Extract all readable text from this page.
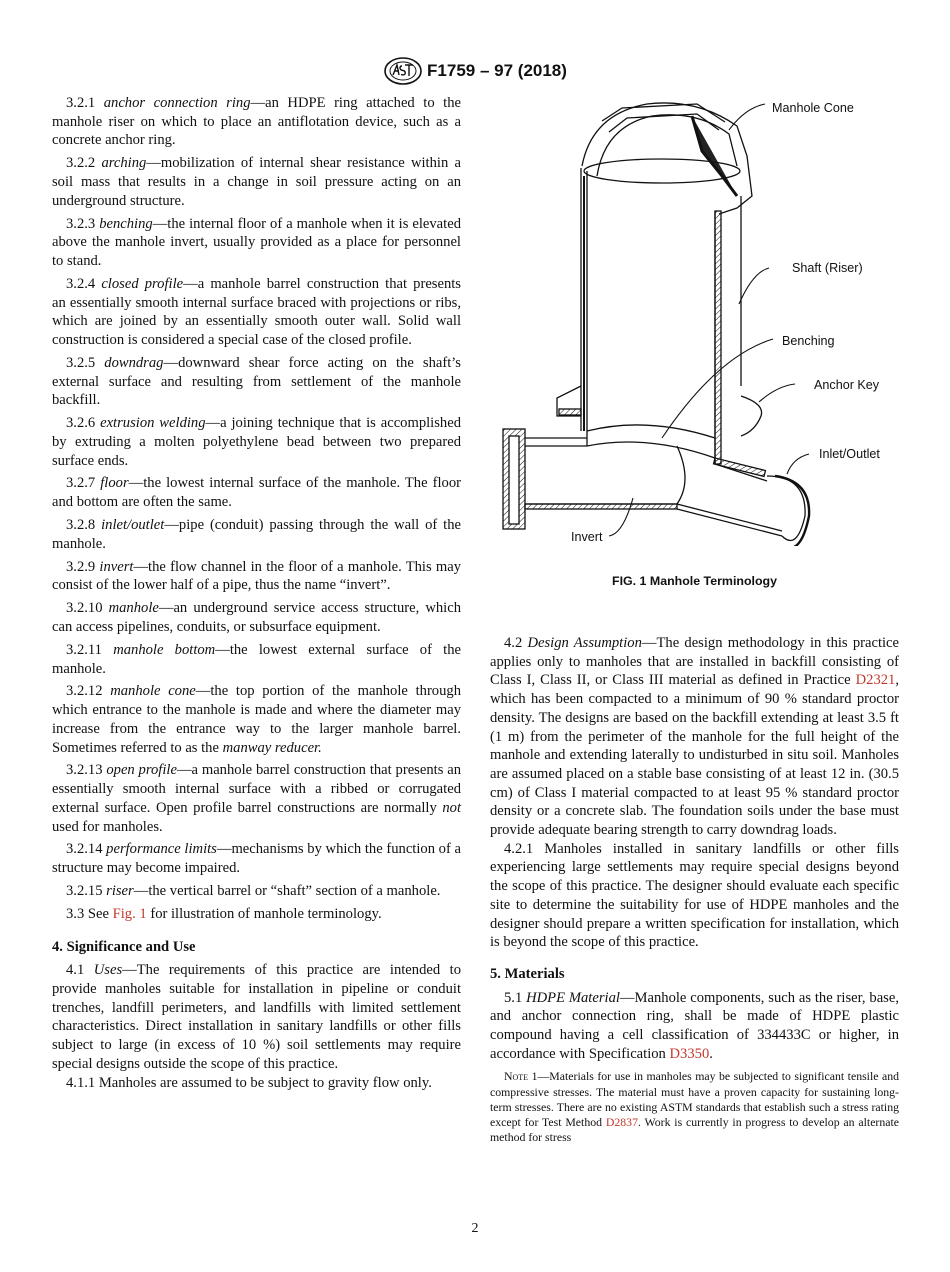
F1759 – 97 (2018)

3.2.1 anchor connection ring—an HDPE ring attached to the manhole riser on which to place an antiflotation device, such as a concrete anchor ring.

3.2.2 arching—mobilization of internal shear resistance within a soil mass that results in a change in soil pressure acting on an underground structure.

3.2.3 benching—the internal floor of a manhole when it is elevated above the manhole invert, usually provided as a place for personnel to stand.

3.2.4 closed profile—a manhole barrel construction that presents an essentially smooth internal surface braced with projections or ribs, which are joined by an essentially smooth outer wall. Solid wall construction is considered a special case of the closed profile.

3.2.5 downdrag—downward shear force acting on the shaft’s external surface and resulting from settlement of the manhole backfill.

3.2.6 extrusion welding—a joining technique that is accomplished by extruding a molten polyethylene bead between two prepared surface ends.

3.2.7 floor—the lowest internal surface of the manhole. The floor and bottom are often the same.

3.2.8 inlet/outlet—pipe (conduit) passing through the wall of the manhole.

3.2.9 invert—the flow channel in the floor of a manhole. This may consist of the lower half of a pipe, thus the name “invert”.

3.2.10 manhole—an underground service access structure, which can access pipelines, conduits, or subsurface equipment.

3.2.11 manhole bottom—the lowest external surface of the manhole.

3.2.12 manhole cone—the top portion of the manhole through which entrance to the manhole is made and where the diameter may increase from the entrance way to the larger manhole barrel. Sometimes referred to as the manway reducer.

3.2.13 open profile—a manhole barrel construction that presents an essentially smooth internal surface with a ribbed or corrugated external surface. Open profile barrel constructions are normally not used for manholes.

3.2.14 performance limits—mechanisms by which the function of a structure may become impaired.

3.2.15 riser—the vertical barrel or “shaft” section of a manhole.

3.3 See Fig. 1 for illustration of manhole terminology.

4. Significance and Use

4.1 Uses—The requirements of this practice are intended to provide manholes suitable for installation in pipeline or conduit trenches, landfill perimeters, and landfills with limited settlement characteristics. Direct installation in sanitary landfills or other fills subject to large (in excess of 10 %) soil settlements may require special designs outside the scope of this practice.

4.1.1 Manholes are assumed to be subject to gravity flow only.

Manhole Cone
Shaft (Riser)
Benching
Anchor Key
Inlet/Outlet
Invert
FIG. 1 Manhole Terminology

4.2 Design Assumption—The design methodology in this practice applies only to manholes that are installed in backfill consisting of Class I, Class II, or Class III material as defined in Practice D2321, which has been compacted to a minimum of 90 % standard proctor density. The designs are based on the backfill extending at least 3.5 ft (1 m) from the perimeter of the manhole for the full height of the manhole and extending laterally to undisturbed in situ soil. Manholes are assumed placed on a stable base consisting of at least 12 in. (30.5 cm) of Class I material compacted to at least 95 % standard proctor density or a concrete slab. The foundation soils under the base must provide adequate bearing strength to carry downdrag loads.

4.2.1 Manholes installed in sanitary landfills or other fills experiencing large settlements may require special designs beyond the scope of this practice. The designer should evaluate each specific site to determine the suitability for use of HDPE manholes and the designer should prepare a written specification for installation, which is beyond the scope of this practice.

5. Materials

5.1 HDPE Material—Manhole components, such as the riser, base, and anchor connection ring, shall be made of HDPE plastic compound having a cell classification of 334433C or higher, in accordance with Specification D3350.

Note 1—Materials for use in manholes may be subjected to significant tensile and compressive stresses. The material must have a proven capacity for sustaining long-term stresses. There are no existing ASTM standards that establish such a stress rating except for Test Method D2837. Work is currently in progress to develop an alternate method for stress

2
